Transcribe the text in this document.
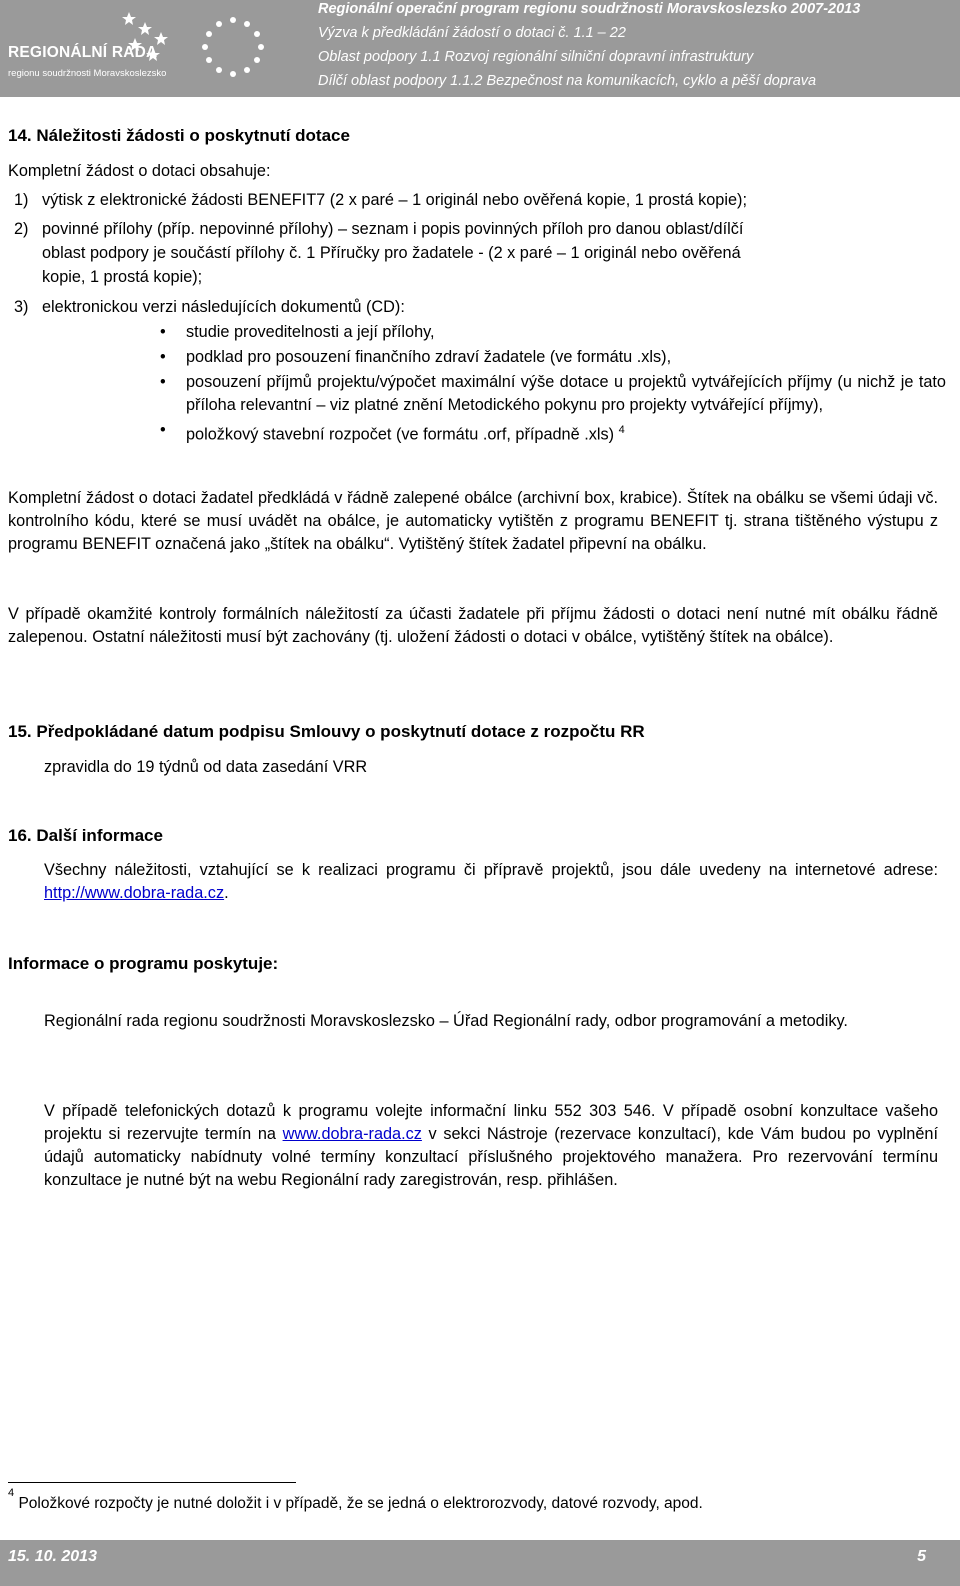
REGIONÁLNÍ RADA
regionu soudržnosti Moravskoslezsko
Regionální operační program regionu soudržnosti Moravskoslezsko 2007-2013
Výzva k předkládání žádostí o dotaci č. 1.1 – 22
Oblast podpory 1.1 Rozvoj regionální silniční dopravní infrastruktury
Dílčí oblast podpory 1.1.2 Bezpečnost na komunikacích, cyklo a pěší doprava
14. Náležitosti žádosti o poskytnutí dotace
Kompletní žádost o dotaci obsahuje:
1) výtisk z elektronické žádosti BENEFIT7 (2 x paré – 1 originál nebo ověřená kopie, 1 prostá kopie);
2) povinné přílohy (příp. nepovinné přílohy) – seznam i popis povinných příloh pro danou oblast/dílčí
oblast podpory je součástí přílohy č. 1 Příručky pro žadatele - (2 x paré – 1 originál nebo ověřená
kopie, 1 prostá kopie);
3) elektronickou verzi následujících dokumentů (CD):
• studie proveditelnosti a její přílohy,
• podklad pro posouzení finančního zdraví žadatele (ve formátu .xls),
• posouzení příjmů projektu/výpočet maximální výše dotace u projektů vytvářejících příjmy (u nichž je tato příloha relevantní – viz platné znění Metodického pokynu pro projekty vytvářející příjmy),
• položkový stavební rozpočet (ve formátu .orf, případně .xls) $^4$
Kompletní žádost o dotaci žadatel předkládá v řádně zalepené obálce (archivní box, krabice). Štítek na obálku se všemi údaji vč. kontrolního kódu, které se musí uvádět na obálce, je automaticky vytištěn z programu BENEFIT tj. strana tištěného výstupu z programu BENEFIT označená jako „štítek na obálku“. Vytištěný štítek žadatel připevní na obálku.
V případě okamžité kontroly formálních náležitostí za účasti žadatele při příjmu žádosti o dotaci není nutné mít obálku řádně zalepenou. Ostatní náležitosti musí být zachovány (tj. uložení žádosti o dotaci v obálce, vytištěný štítek na obálce).
15. Předpokládané datum podpisu Smlouvy o poskytnutí dotace z rozpočtu RR
zpravidla do 19 týdnů od data zasedání VRR
16. Další informace
Všechny náležitosti, vztahující se k realizaci programu či přípravě projektů, jsou dále uvedeny na internetové adrese: http://www.dobra-rada.cz.
Informace o programu poskytuje:
Regionální rada regionu soudržnosti Moravskoslezsko – Úřad Regionální rady, odbor programování a metodiky.
V případě telefonických dotazů k programu volejte informační linku 552 303 546. V případě osobní konzultace vašeho projektu si rezervujte termín na www.dobra-rada.cz v sekci Nástroje (rezervace konzultací), kde Vám budou po vyplnění údajů automaticky nabídnuty volné termíny konzultací příslušného projektového manažera. Pro rezervování termínu konzultace je nutné být na webu Regionální rady zaregistrován, resp. přihlášen.
$^4$ Položkové rozpočty je nutné doložit i v případě, že se jedná o elektrorozvody, datové rozvody, apod.
15. 10. 2013	5
